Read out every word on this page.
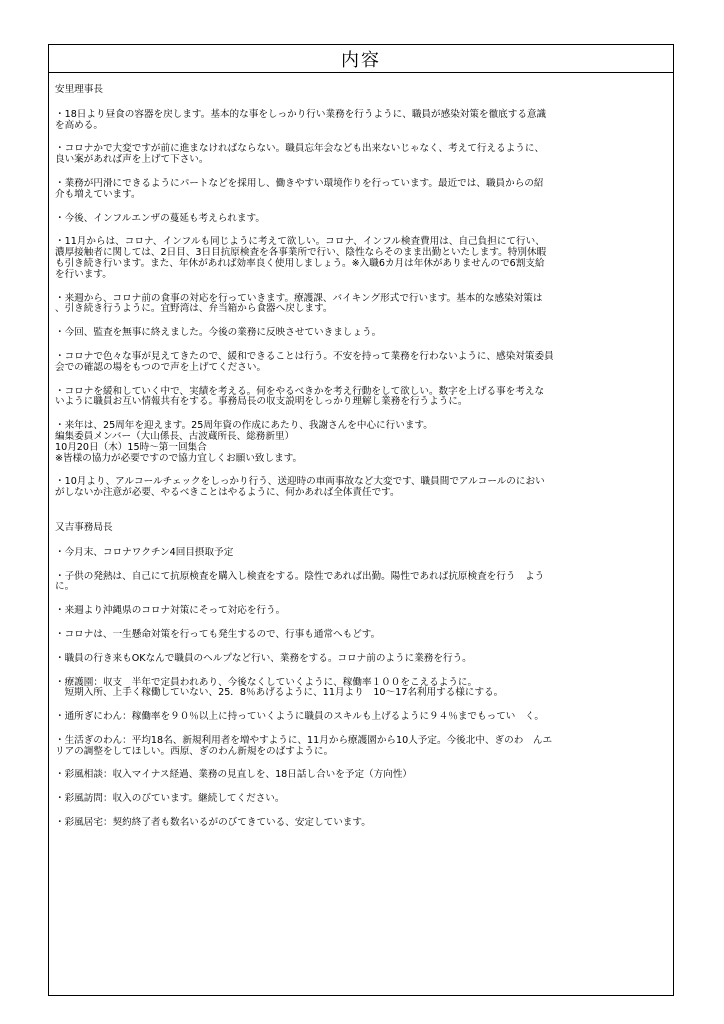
内容
安里理事長

・18日より昼食の容器を戻します。基本的な事をしっかり行い業務を行うように、職員が感染対策を徹底する意識
を高める。

・コロナかで大変ですが前に進まなければならない。職員忘年会なども出来ないじゃなく、考えて行えるように、
良い案があれば声を上げて下さい。

・業務が円滑にできるようにパートなどを採用し、働きやすい環境作りを行っています。最近では、職員からの紹
介も増えています。

・今後、インフルエンザの蔓延も考えられます。

・11月からは、コロナ、インフルも同じように考えて欲しい。コロナ、インフル検査費用は、自己負担にて行い、
濃厚接触者に関しては、2日目、3日目抗原検査を各事業所で行い、陰性ならそのまま出勤といたします。特別休暇
も引き続き行います。また、年休があれば効率良く使用しましょう。※入職6カ月は年休がありませんので6割支給
を行います。

・来週から、コロナ前の食事の対応を行っていきます。療護課、バイキング形式で行います。基本的な感染対策は
、引き続き行うように。宜野湾は、弁当箱から食器へ戻します。

・今回、監査を無事に終えました。今後の業務に反映させていきましょう。

・コロナで色々な事が見えてきたので、緩和できることは行う。不安を持って業務を行わないように、感染対策委員
会での確認の場をもつので声を上げてください。

・コロナを緩和していく中で、実績を考える。何をやるべきかを考え行動をして欲しい。数字を上げる事を考えな
いように職員お互い情報共有をする。事務局長の収支説明をしっかり理解し業務を行うように。

・来年は、25周年を迎えます。25周年資の作成にあたり、我謝さんを中心に行います。
編集委員メンバー（大山係長、古波蔵所長、総務新里）
10月20日（木）15時～第一回集合
※皆様の協力が必要ですので協力宜しくお願い致します。

・10月より、アルコールチェックをしっかり行う、送迎時の車両事故など大変です、職員間でアルコールのにおい
がしないか注意が必要、やるべきことはやるように、何かあれば全体責任です。

又吉事務局長

・今月末、コロナワクチン4回目摂取予定

・子供の発熱は、自己にて抗原検査を購入し検査をする。陰性であれば出勤。陽性であれば抗原検査を行う　よう
に。

・来週より沖縄県のコロナ対策にそって対応を行う。

・コロナは、一生懸命対策を行っても発生するので、行事も通常へもどす。

・職員の行き来もOKなんで職員のヘルプなど行い、業務をする。コロナ前のように業務を行う。

・療護園：収支　半年で定員われあり、今後なくしていくように、稼働率１００をこえるように。
　短期入所、上手く稼働していない、25．8％あげるように、11月より　10～17名利用する様にする。

・通所ぎにわん：稼働率を９０％以上に持っていくように職員のスキルも上げるように９４％までもってい　く。

・生活ぎのわん：平均18名、新規利用者を増やすように、11月から療護園から10人予定。今後北中、ぎのわ　んエ
リアの調整をしてほしい。西原、ぎのわん新規をのばすように。

・彩風相談：収入マイナス経過、業務の見直しを、18日話し合いを予定（方向性）

・彩風訪問：収入のびています。継続してください。

・彩風居宅：契約終了者も数名いるがのびてきている、安定しています。
